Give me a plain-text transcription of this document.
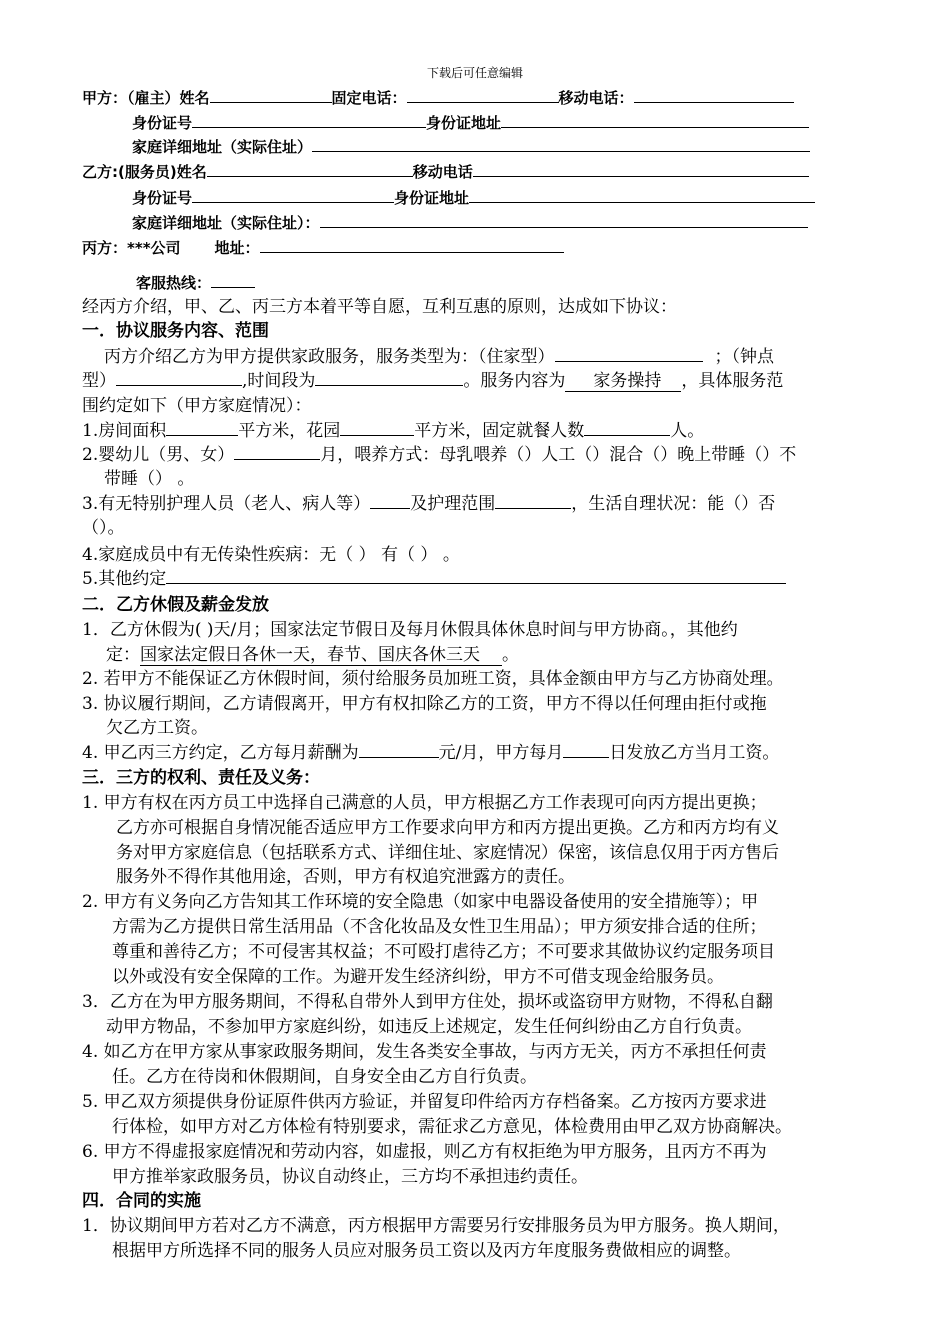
下载后可任意编辑
甲方：（雇主）姓名	固定电话：	移动电话：
身份证号	身份证地址
家庭详细地址（实际住址）
乙方:(服务员)姓名	移动电话
身份证号	身份证地址
家庭详细地址（实际住址）：
丙方：***公司 地址：
客服热线：
经丙方介绍，甲、乙、丙三方本着平等自愿，互利互惠的原则，达成如下协议：
一．协议服务内容、范围
丙方介绍乙方为甲方提供家政服务，服务类型为：（住家型）	；（钟点
型）	,时间段为	。服务内容为 家务操持 ，具体服务范
围约定如下（甲方家庭情况）：
1.房间面积	平方米，花园	平方米，固定就餐人数	人。
2.婴幼儿（男、女）	月，喂养方式：母乳喂养（）人工（）混合（）晚上带睡（）不
带睡（） 。
3.有无特别护理人员（老人、病人等） 及护理范围	，生活自理状况：能（）否
（）。
4.家庭成员中有无传染性疾病：无（ ） 有（ ） 。
5.其他约定
二．乙方休假及薪金发放
1．乙方休假为( )天/月；国家法定节假日及每月休假具体休息时间与甲方协商。，其他约
定：国家法定假日各休一天，春节、国庆各休三天 。
2. 若甲方不能保证乙方休假时间，须付给服务员加班工资，具体金额由甲方与乙方协商处理。
3. 协议履行期间，乙方请假离开，甲方有权扣除乙方的工资，甲方不得以任何理由拒付或拖
欠乙方工资。
4. 甲乙丙三方约定，乙方每月薪酬为	元/月，甲方每月	日发放乙方当月工资。
三．三方的权利、责任及义务：
1. 甲方有权在丙方员工中选择自己满意的人员，甲方根据乙方工作表现可向丙方提出更换；
乙方亦可根据自身情况能否适应甲方工作要求向甲方和丙方提出更换。乙方和丙方均有义
务对甲方家庭信息（包括联系方式、详细住址、家庭情况）保密，该信息仅用于丙方售后
服务外不得作其他用途，否则，甲方有权追究泄露方的责任。
2. 甲方有义务向乙方告知其工作环境的安全隐患（如家中电器设备使用的安全措施等）；甲
方需为乙方提供日常生活用品（不含化妆品及女性卫生用品）；甲方须安排合适的住所；
尊重和善待乙方；不可侵害其权益；不可殴打虐待乙方；不可要求其做协议约定服务项目
以外或没有安全保障的工作。为避开发生经济纠纷，甲方不可借支现金给服务员。
3．乙方在为甲方服务期间，不得私自带外人到甲方住处，损坏或盗窃甲方财物，不得私自翻
动甲方物品，不参加甲方家庭纠纷，如违反上述规定，发生任何纠纷由乙方自行负责。
4. 如乙方在甲方家从事家政服务期间，发生各类安全事故，与丙方无关，丙方不承担任何责
任。乙方在待岗和休假期间，自身安全由乙方自行负责。
5. 甲乙双方须提供身份证原件供丙方验证，并留复印件给丙方存档备案。乙方按丙方要求进
行体检，如甲方对乙方体检有特别要求，需征求乙方意见，体检费用由甲乙双方协商解决。
6. 甲方不得虚报家庭情况和劳动内容，如虚报，则乙方有权拒绝为甲方服务，且丙方不再为
甲方推举家政服务员，协议自动终止，三方均不承担违约责任。
四．合同的实施
1．协议期间甲方若对乙方不满意，丙方根据甲方需要另行安排服务员为甲方服务。换人期间，
根据甲方所选择不同的服务人员应对服务员工资以及丙方年度服务费做相应的调整。
